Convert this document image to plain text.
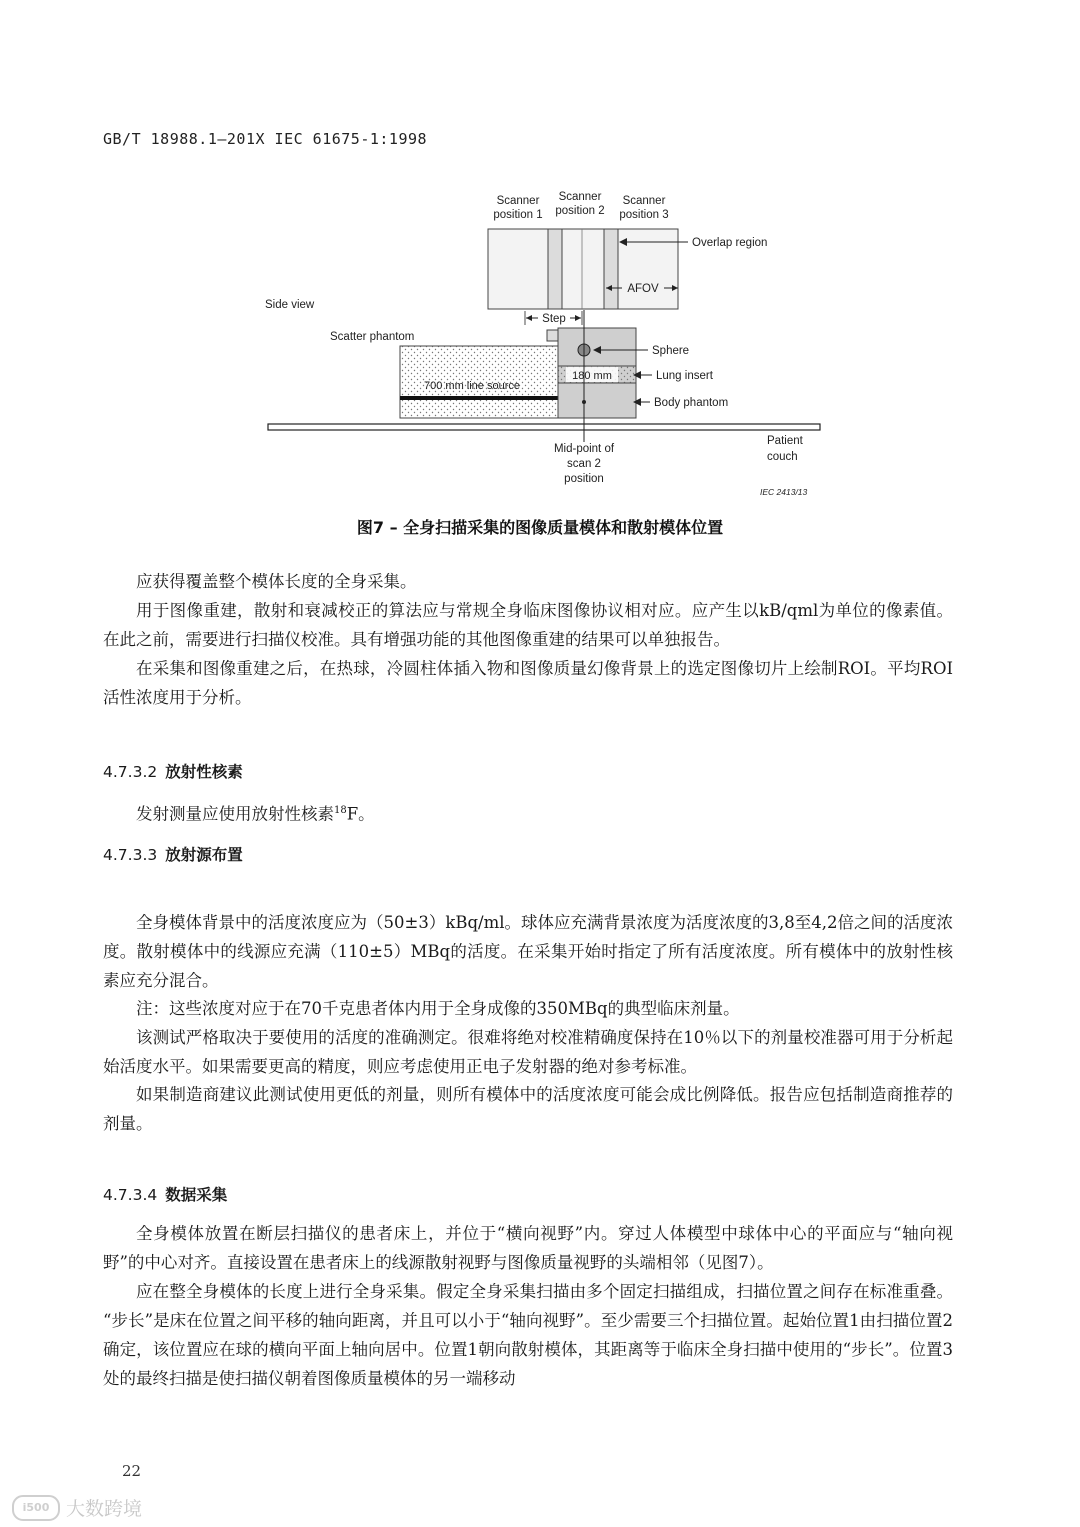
GB/T 18988.1—201X IEC 61675-1:1998
Scanner position 1
Scanner position 2
Scanner position 3
Overlap region
AFOV
Side view
Step
Scatter phantom
700 mm line source
180 mm
Sphere
Lung insert
Body phantom
Patient couch
Mid-point of scan 2 position
IEC 2413/13
图7 – 全身扫描采集的图像质量模体和散射模体位置

应获得覆盖整个模体长度的全身采集。

用于图像重建，散射和衰减校正的算法应与常规全身临床图像协议相对应。应产生以kB/qml为单位的像素值。在此之前，需要进行扫描仪校准。具有增强功能的其他图像重建的结果可以单独报告。

在采集和图像重建之后，在热球，冷圆柱体插入物和图像质量幻像背景上的选定图像切片上绘制ROI。平均ROI活性浓度用于分析。

4.7.3.2 放射性核素

发射测量应使用放射性核素$^{18}$F。

4.7.3.3 放射源布置

全身模体背景中的活度浓度应为（50±3）kBq/ml。球体应充满背景浓度为活度浓度的3,8至4,2倍之间的活度浓度。散射模体中的线源应充满（110±5）MBq的活度。在采集开始时指定了所有活度浓度。所有模体中的放射性核素应充分混合。

注：这些浓度对应于在70千克患者体内用于全身成像的350MBq的典型临床剂量。

该测试严格取决于要使用的活度的准确测定。很难将绝对校准精确度保持在10％以下的剂量校准器可用于分析起始活度水平。如果需要更高的精度，则应考虑使用正电子发射器的绝对参考标准。

如果制造商建议此测试使用更低的剂量，则所有模体中的活度浓度可能会成比例降低。报告应包括制造商推荐的剂量。

4.7.3.4 数据采集

全身模体放置在断层扫描仪的患者床上，并位于“横向视野”内。穿过人体模型中球体中心的平面应与“轴向视野”的中心对齐。直接设置在患者床上的线源散射视野与图像质量视野的头端相邻（见图7）。

应在整全身模体的长度上进行全身采集。假定全身采集扫描由多个固定扫描组成，扫描位置之间存在标准重叠。 “步长”是床在位置之间平移的轴向距离，并且可以小于“轴向视野”。至少需要三个扫描位置。起始位置1由扫描位置2确定，该位置应在球的横向平面上轴向居中。位置1朝向散射模体，其距离等于临床全身扫描中使用的“步长”。位置3处的最终扫描是使扫描仪朝着图像质量模体的另一端移动

22
i500 大数跨境
